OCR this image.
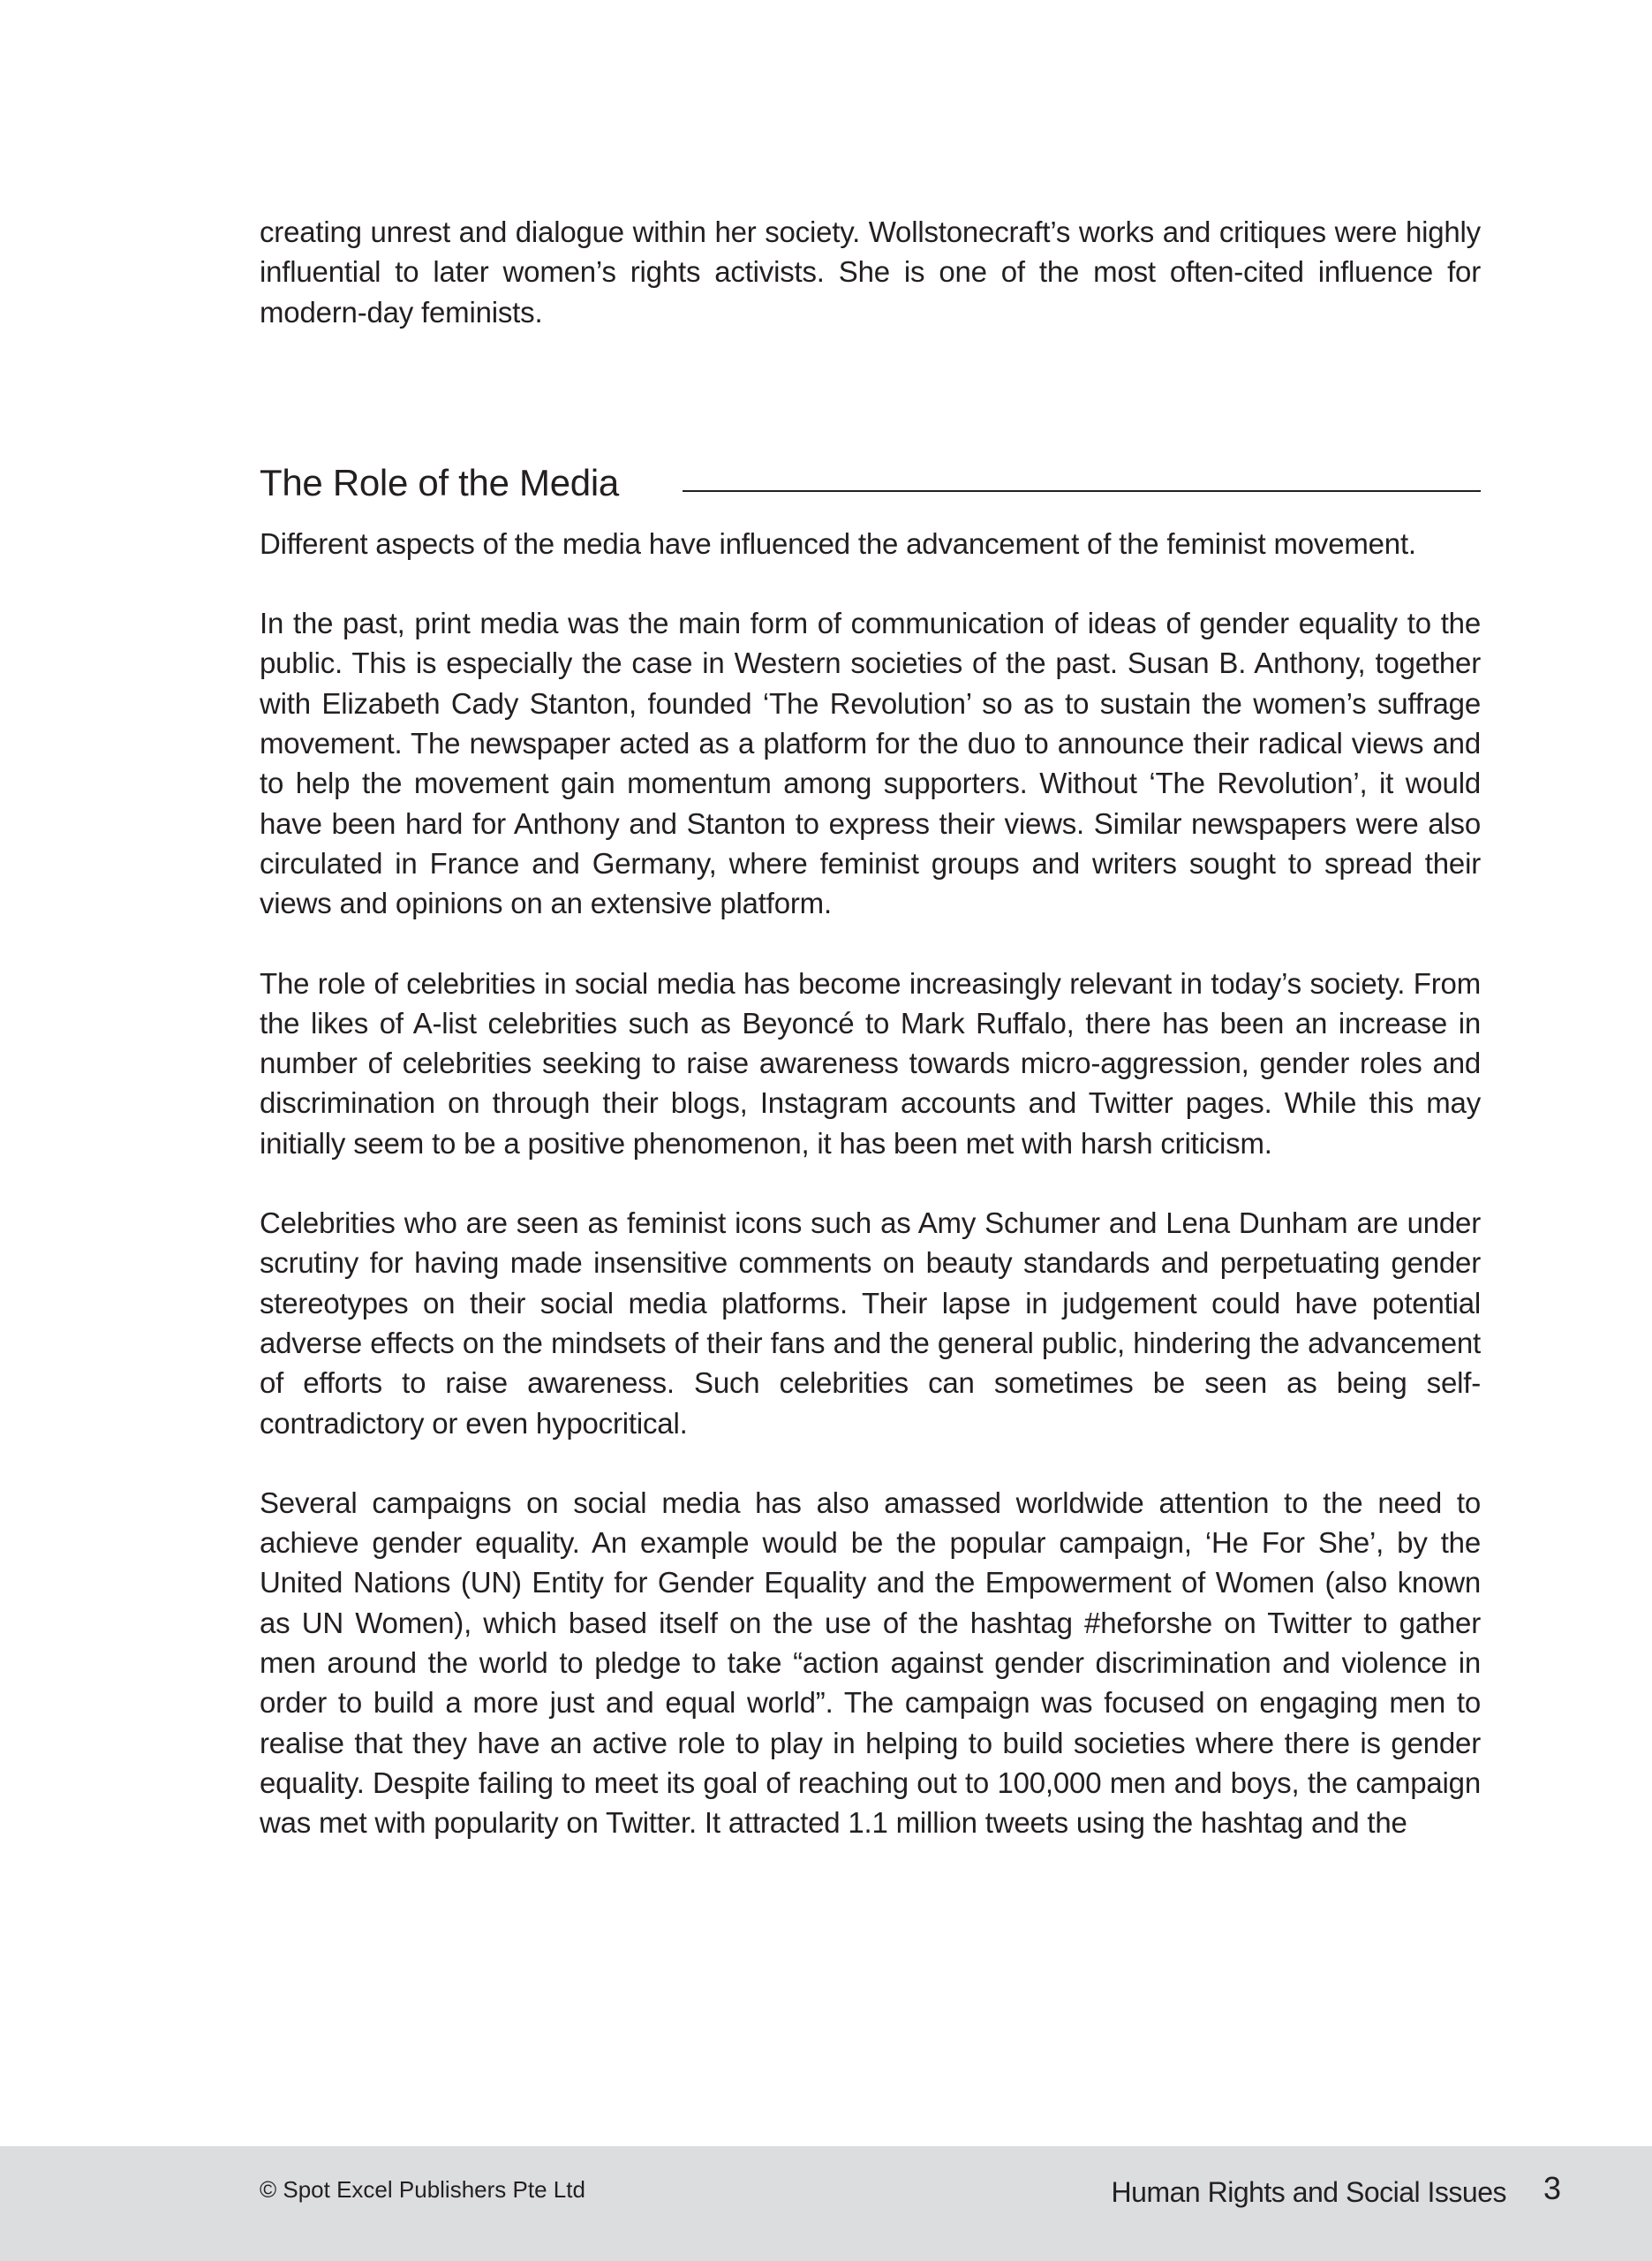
creating unrest and dialogue within her society. Wollstonecraft’s works and critiques were highly influential to later women’s rights activists. She is one of the most often-cited influence for modern-day feminists.

The Role of the Media

Different aspects of the media have influenced the advancement of the feminist movement.

In the past, print media was the main form of communication of ideas of gender equality to the public. This is especially the case in Western societies of the past. Susan B. Anthony, together with Elizabeth Cady Stanton, founded ‘The Revolution’ so as to sustain the women’s suffrage movement. The newspaper acted as a platform for the duo to announce their radical views and to help the movement gain momentum among supporters. Without ‘The Revolution’, it would have been hard for Anthony and Stanton to express their views. Similar newspapers were also circulated in France and Germany, where feminist groups and writers sought to spread their views and opinions on an extensive platform.

The role of celebrities in social media has become increasingly relevant in today’s society. From the likes of A-list celebrities such as Beyoncé to Mark Ruffalo, there has been an increase in number of celebrities seeking to raise awareness towards micro-aggression, gender roles and discrimination on through their blogs, Instagram accounts and Twitter pages. While this may initially seem to be a positive phenomenon, it has been met with harsh criticism.

Celebrities who are seen as feminist icons such as Amy Schumer and Lena Dunham are under scrutiny for having made insensitive comments on beauty standards and perpetuating gender stereotypes on their social media platforms. Their lapse in judgement could have potential adverse effects on the mindsets of their fans and the general public, hindering the advancement of efforts to raise awareness. Such celebrities can sometimes be seen as being self-contradictory or even hypocritical.

Several campaigns on social media has also amassed worldwide attention to the need to achieve gender equality. An example would be the popular campaign, ‘He For She’, by the United Nations (UN) Entity for Gender Equality and the Empowerment of Women (also known as UN Women), which based itself on the use of the hashtag #heforshe on Twitter to gather men around the world to pledge to take “action against gender discrimination and violence in order to build a more just and equal world”. The campaign was focused on engaging men to realise that they have an active role to play in helping to build societies where there is gender equality. Despite failing to meet its goal of reaching out to 100,000 men and boys, the campaign was met with popularity on Twitter. It attracted 1.1 million tweets using the hashtag and the

© Spot Excel Publishers Pte Ltd	Human Rights and Social Issues 3
